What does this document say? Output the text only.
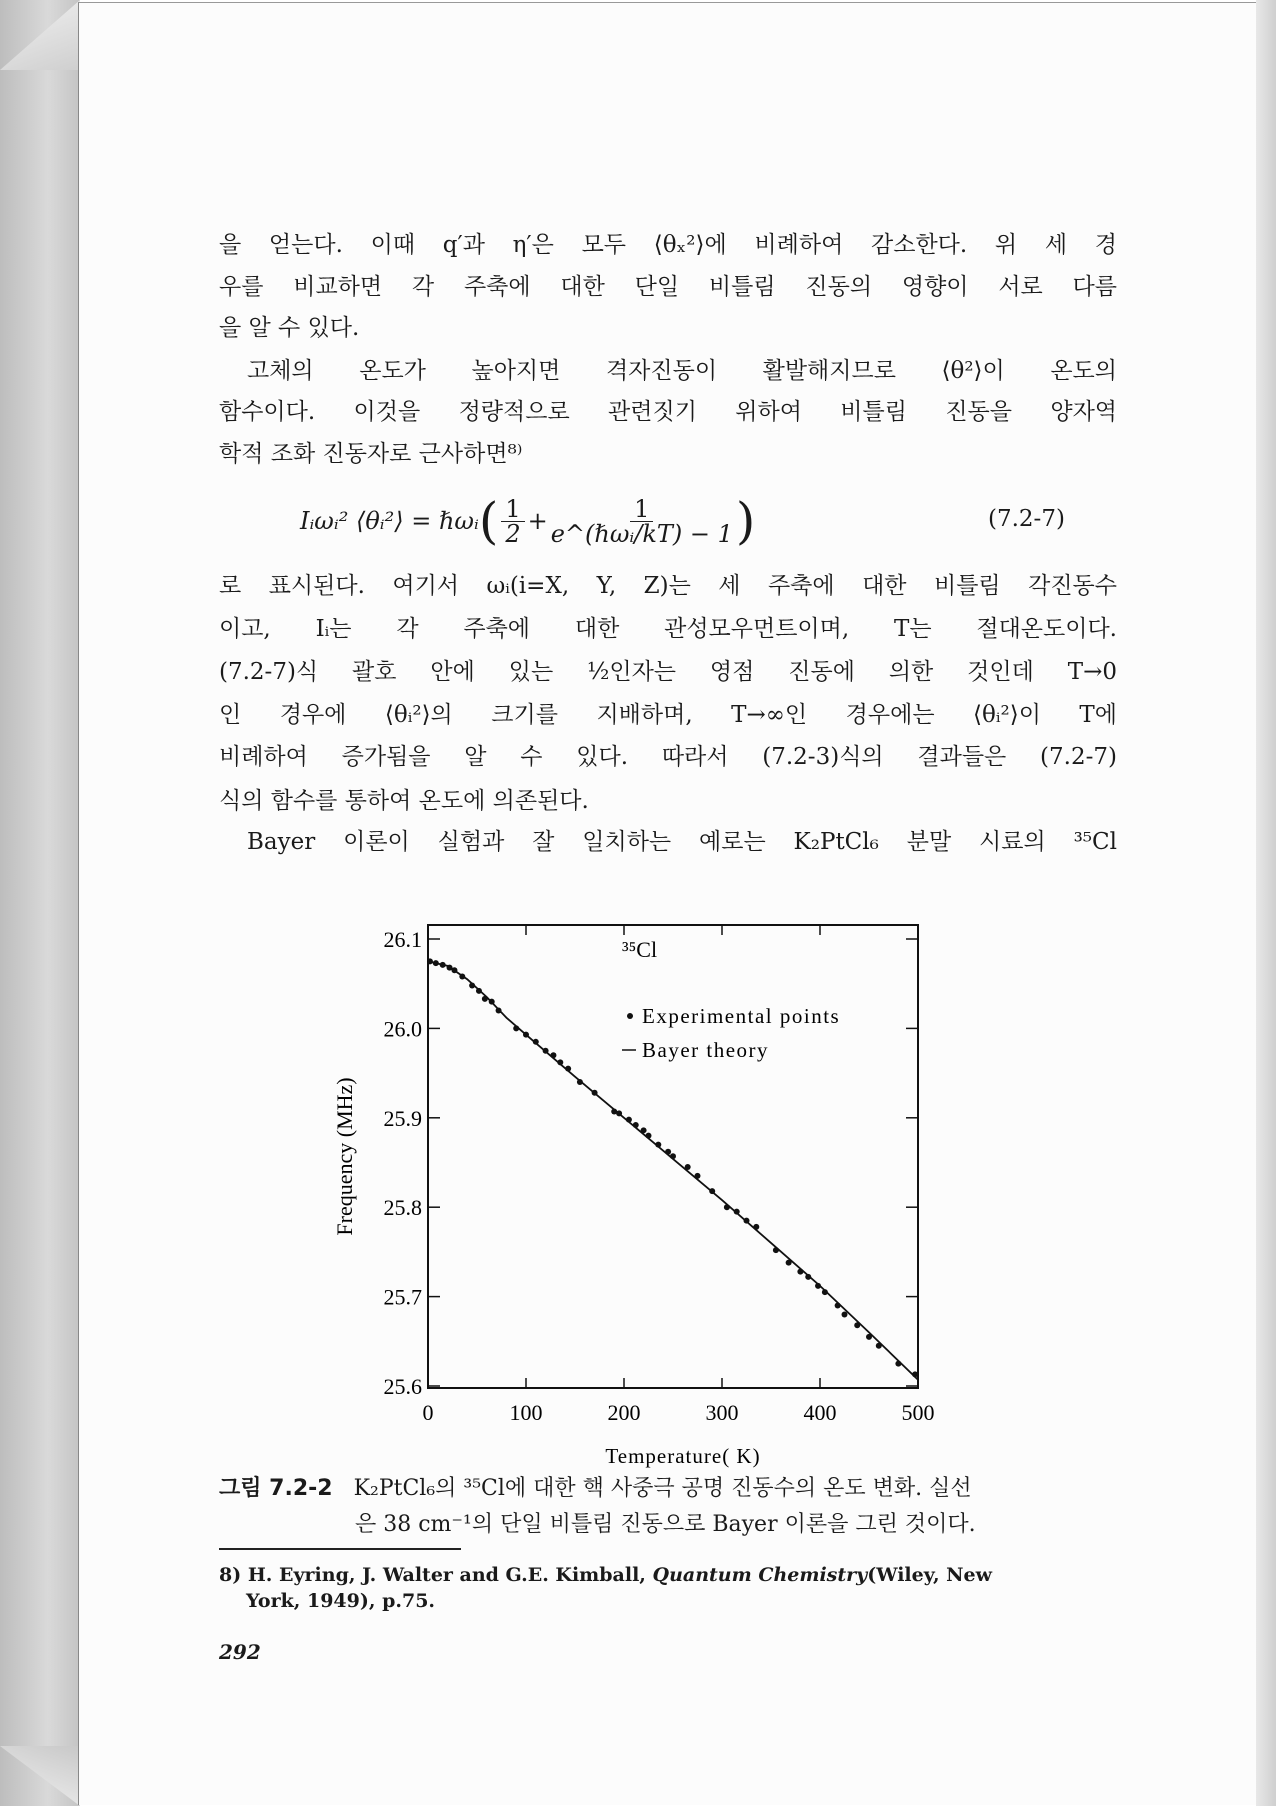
을 얻는다. 이때 q′과 η′은 모두 ⟨θₓ²⟩에 비례하여 감소한다. 위 세 경
우를 비교하면 각 주축에 대한 단일 비틀림 진동의 영향이 서로 다름
을 알 수 있다.
고체의 온도가 높아지면 격자진동이 활발해지므로 ⟨θ²⟩이 온도의
함수이다. 이것을 정량적으로 관련짓기 위하여 비틀림 진동을 양자역
학적 조화 진동자로 근사하면⁸⁾
Iᵢωᵢ² ⟨θᵢ²⟩ = ℏωᵢ ( $\frac{1}{2} + \frac{1}{\text{e\textasciicircum{}(ℏωᵢ/kT) − 1}}$ )	(7.2-7)
로 표시된다. 여기서 ωᵢ(i=X, Y, Z)는 세 주축에 대한 비틀림 각진동수
이고, Iᵢ는 각 주축에 대한 관성모우먼트이며, T는 절대온도이다.
(7.2-7)식 괄호 안에 있는 ½인자는 영점 진동에 의한 것인데 T→0
인 경우에 ⟨θᵢ²⟩의 크기를 지배하며, T→∞인 경우에는 ⟨θᵢ²⟩이 T에
비례하여 증가됨을 알 수 있다. 따라서 (7.2-3)식의 결과들은 (7.2-7)
식의 함수를 통하여 온도에 의존된다.
Bayer 이론이 실험과 잘 일치하는 예로는 K₂PtCl₆ 분말 시료의 ³⁵Cl
25.6
25.7
25.8
25.9
26.0
26.1
0	100	200	300	400	500
Temperature( K)
Frequency (MHz)
³⁵Cl
Experimental points
Bayer theory
그림 7.2-2 K₂PtCl₆의 ³⁵Cl에 대한 핵 사중극 공명 진동수의 온도 변화. 실선
은 38 cm⁻¹의 단일 비틀림 진동으로 Bayer 이론을 그린 것이다.
8) H. Eyring, J. Walter and G.E. Kimball, Quantum Chemistry(Wiley, New
York, 1949), p.75.
292
